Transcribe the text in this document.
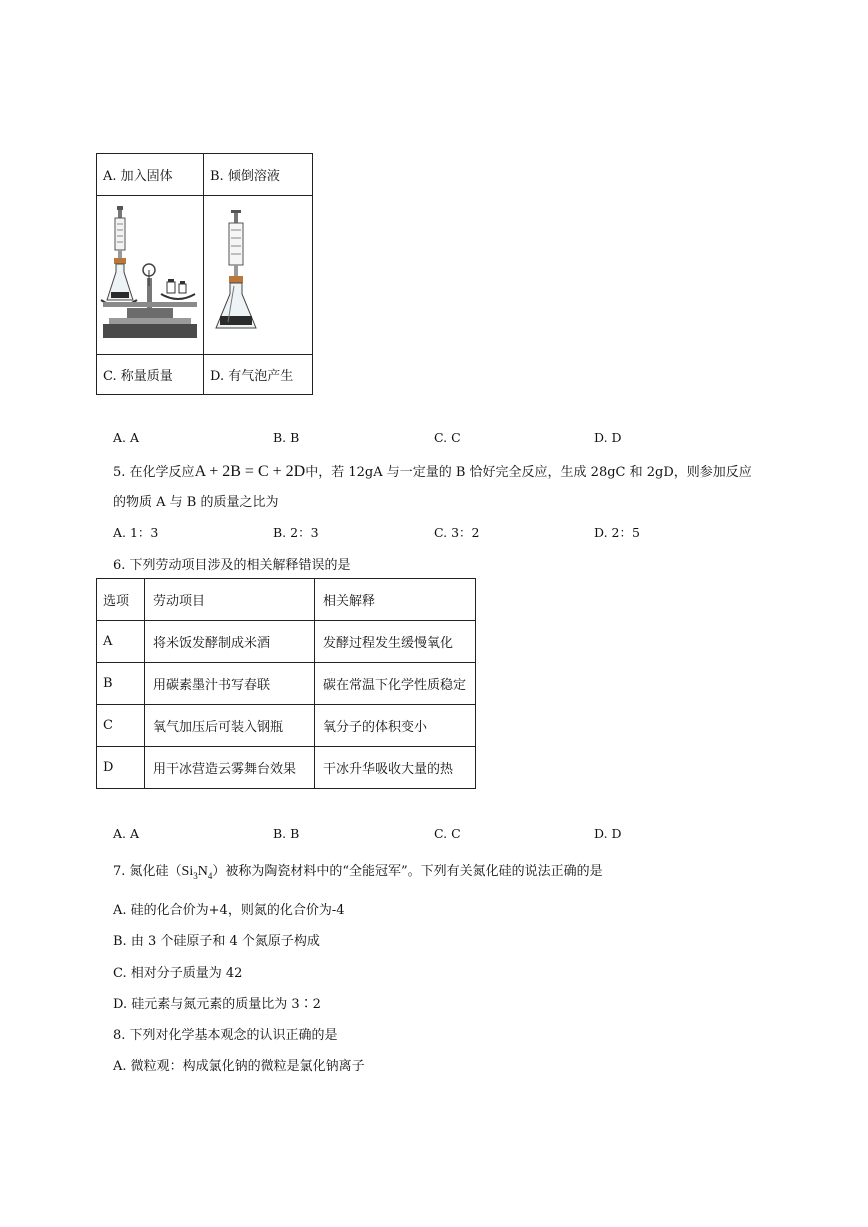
A. 加入固体	B. 倾倒溶液

C. 称量质量	D. 有气泡产生
A. A	B. B	C. C	D. D
5. 在化学反应A + 2B = C + 2D中，若 12gA 与一定量的 B 恰好完全反应，生成 28gC 和 2gD，则参加反应
的物质 A 与 B 的质量之比为
A. 1：3	B. 2：3	C. 3：2	D. 2：5
6. 下列劳动项目涉及的相关解释错误的是
选项	劳动项目	相关解释
A	将米饭发酵制成米酒	发酵过程发生缓慢氧化
B	用碳素墨汁书写春联	碳在常温下化学性质稳定
C	氧气加压后可装入钢瓶	氧分子的体积变小
D	用干冰营造云雾舞台效果	干冰升华吸收大量的热
A. A	B. B	C. C	D. D
7. 氮化硅$(Si_3N_4)$被称为陶瓷材料中的“全能冠军”。下列有关氮化硅的说法正确的是
A. 硅的化合价为+4，则氮的化合价为-4
B. 由 3 个硅原子和 4 个氮原子构成
C. 相对分子质量为 42
D. 硅元素与氮元素的质量比为 3∶2
8. 下列对化学基本观念的认识正确的是
A. 微粒观：构成氯化钠的微粒是氯化钠离子
